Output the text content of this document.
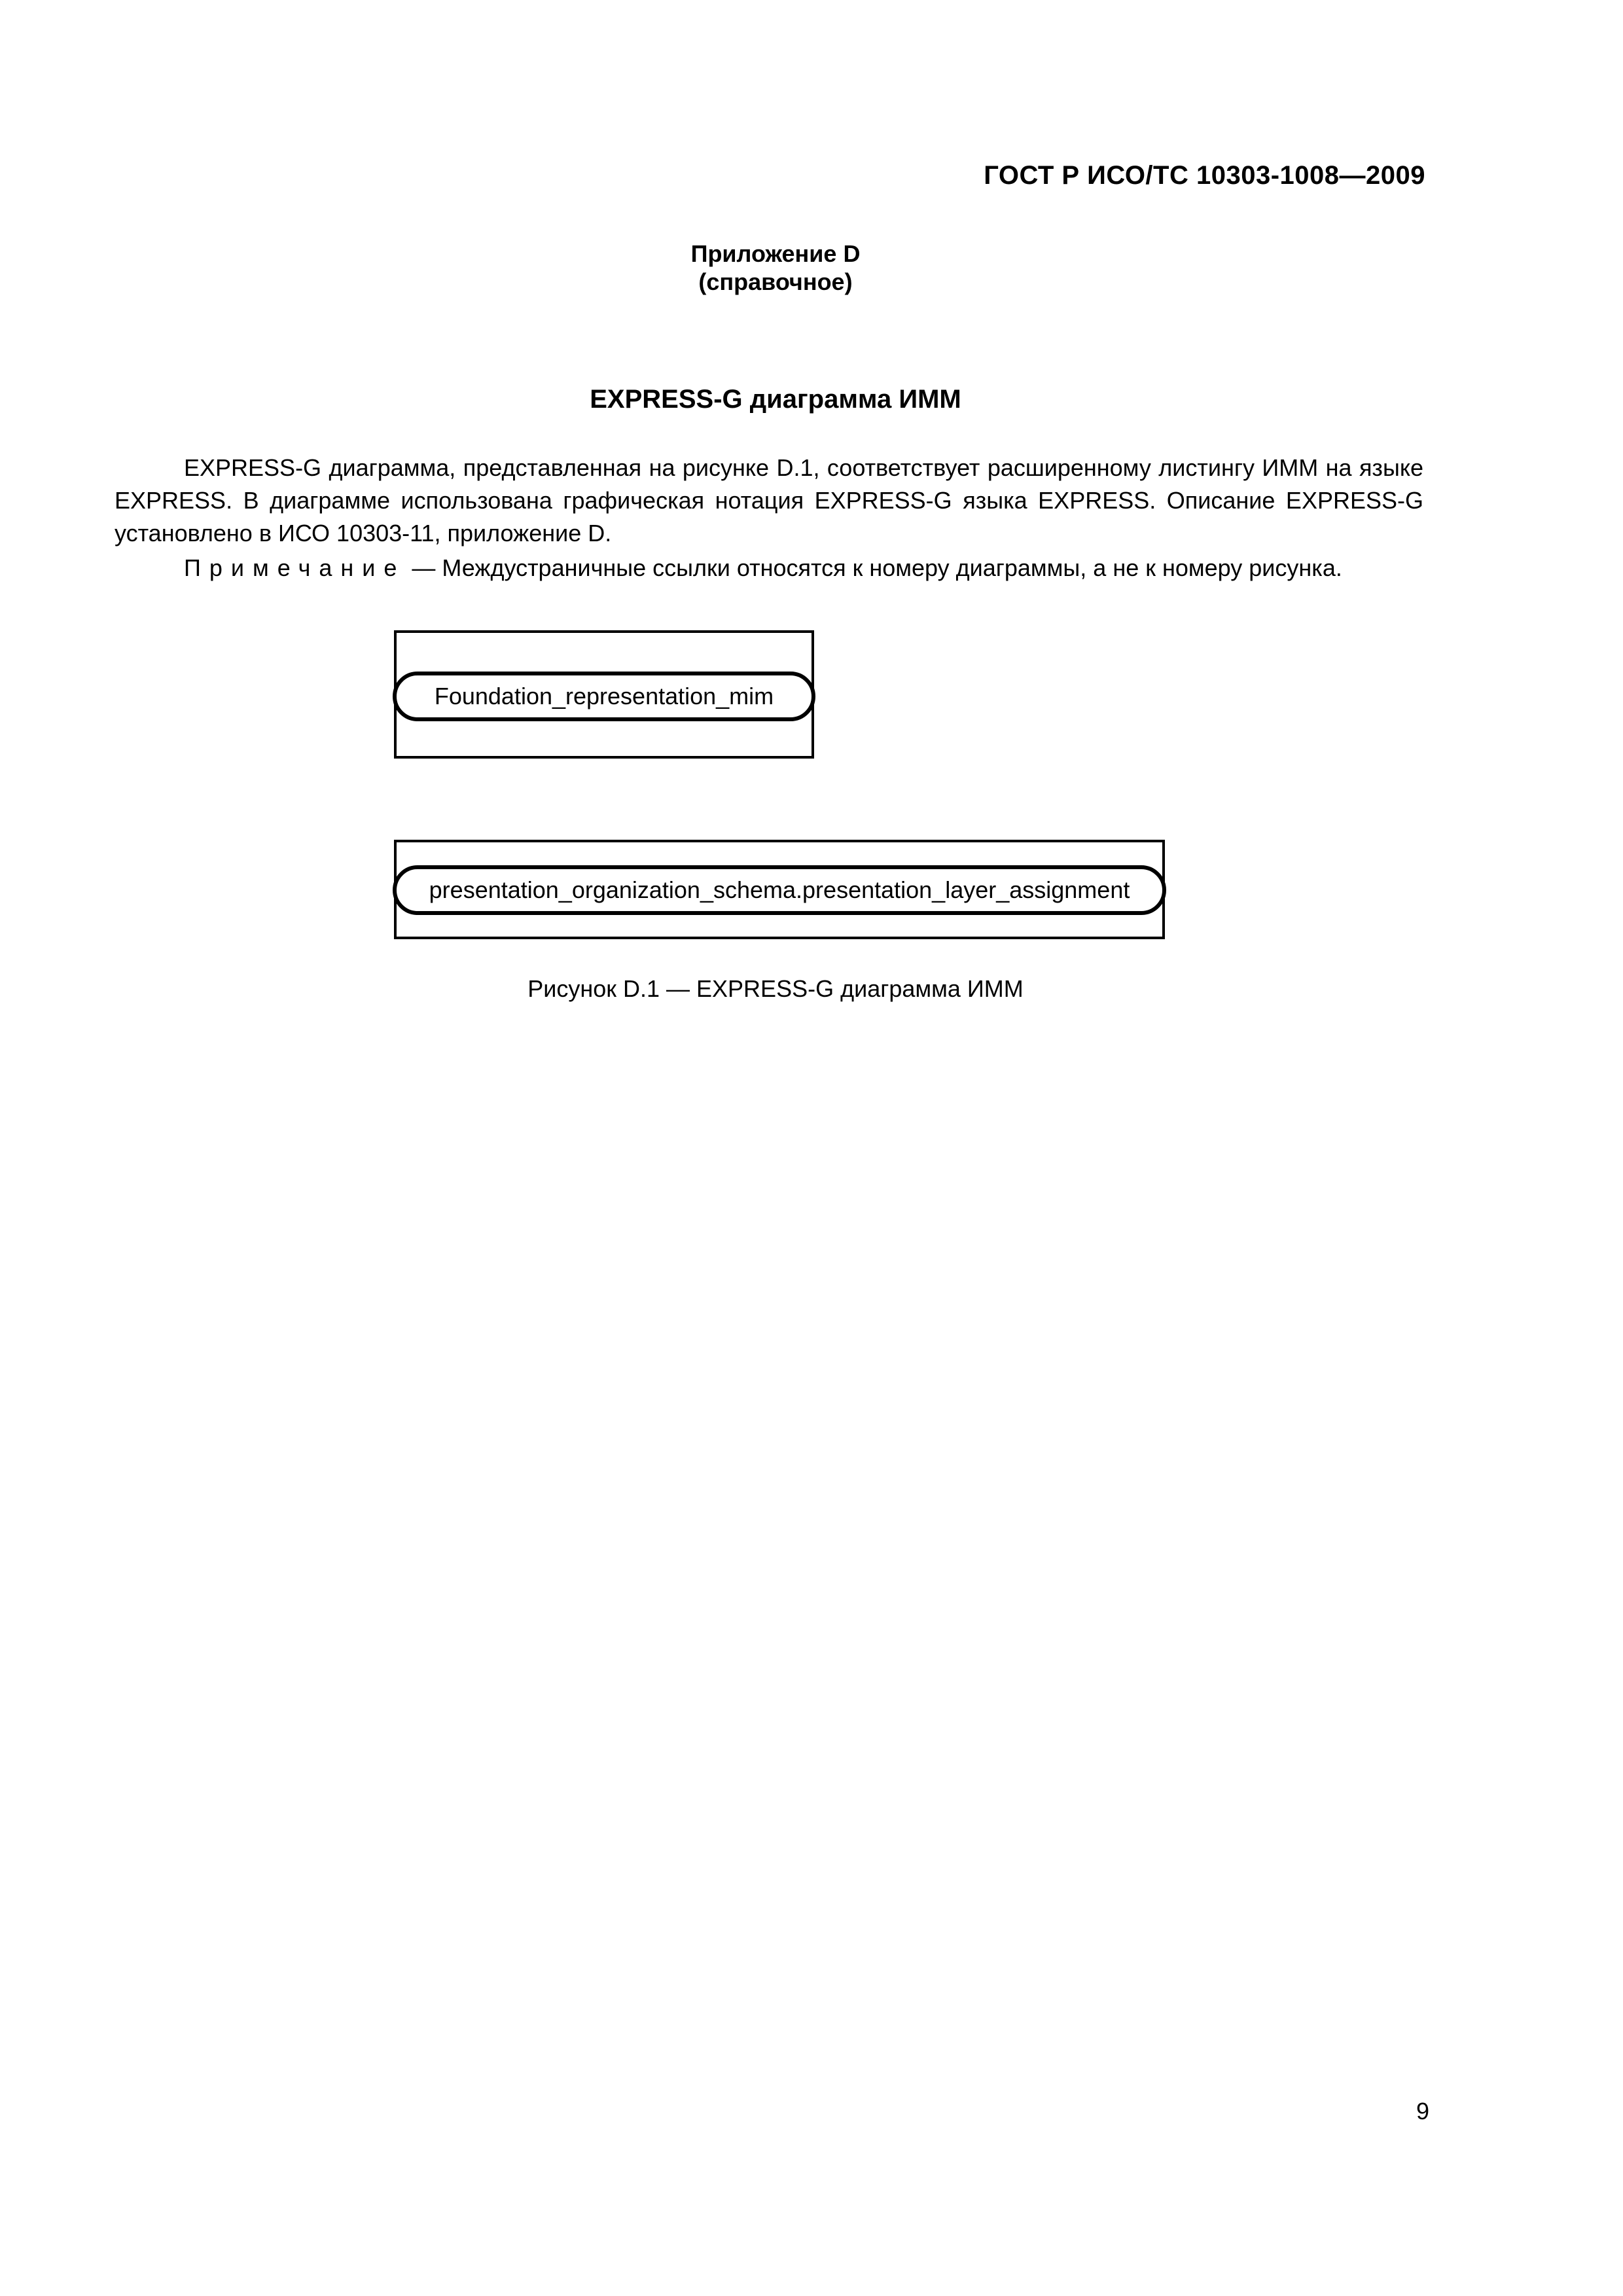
ГОСТ Р ИСО/ТС 10303-1008—2009
Приложение D
(справочное)
EXPRESS-G диаграмма ИММ
EXPRESS-G диаграмма, представленная на рисунке D.1, соответствует расширенному листингу ИММ на языке EXPRESS. В диаграмме использована графическая нотация EXPRESS-G языка EXPRESS. Описание EXPRESS-G установлено в ИСО 10303-11, приложение D.
Примечание — Междустраничные ссылки относятся к номеру диаграммы, а не к номеру рисунка.
Foundation_representation_mim
presentation_organization_schema.presentation_layer_assignment
Рисунок D.1 — EXPRESS-G диаграмма ИММ
9
